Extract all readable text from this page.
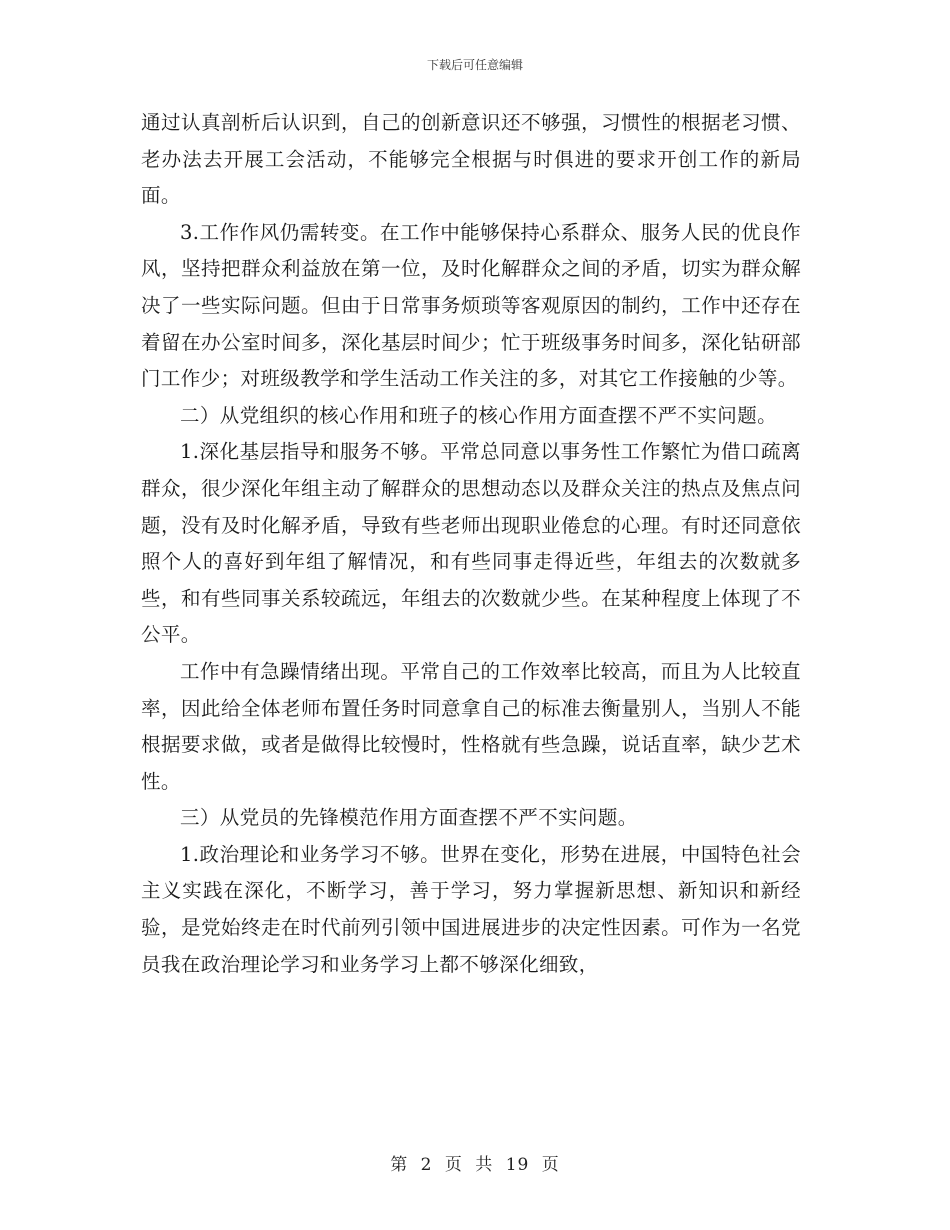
下载后可任意编辑

通过认真剖析后认识到，自己的创新意识还不够强，习惯性的根据老习惯、老办法去开展工会活动，不能够完全根据与时俱进的要求开创工作的新局面。

3.工作作风仍需转变。在工作中能够保持心系群众、服务人民的优良作风，坚持把群众利益放在第一位，及时化解群众之间的矛盾，切实为群众解决了一些实际问题。但由于日常事务烦琐等客观原因的制约，工作中还存在着留在办公室时间多，深化基层时间少；忙于班级事务时间多，深化钻研部门工作少；对班级教学和学生活动工作关注的多，对其它工作接触的少等。

二）从党组织的核心作用和班子的核心作用方面查摆不严不实问题。

1.深化基层指导和服务不够。平常总同意以事务性工作繁忙为借口疏离群众，很少深化年组主动了解群众的思想动态以及群众关注的热点及焦点问题，没有及时化解矛盾，导致有些老师出现职业倦怠的心理。有时还同意依照个人的喜好到年组了解情况，和有些同事走得近些，年组去的次数就多些，和有些同事关系较疏远，年组去的次数就少些。在某种程度上体现了不公平。

工作中有急躁情绪出现。平常自己的工作效率比较高，而且为人比较直率，因此给全体老师布置任务时同意拿自己的标准去衡量别人，当别人不能根据要求做，或者是做得比较慢时，性格就有些急躁，说话直率，缺少艺术性。

三）从党员的先锋模范作用方面查摆不严不实问题。

1.政治理论和业务学习不够。世界在变化，形势在进展，中国特色社会主义实践在深化，不断学习，善于学习，努力掌握新思想、新知识和新经验，是党始终走在时代前列引领中国进展进步的决定性因素。可作为一名党员我在政治理论学习和业务学习上都不够深化细致，

第 2 页 共 19 页
